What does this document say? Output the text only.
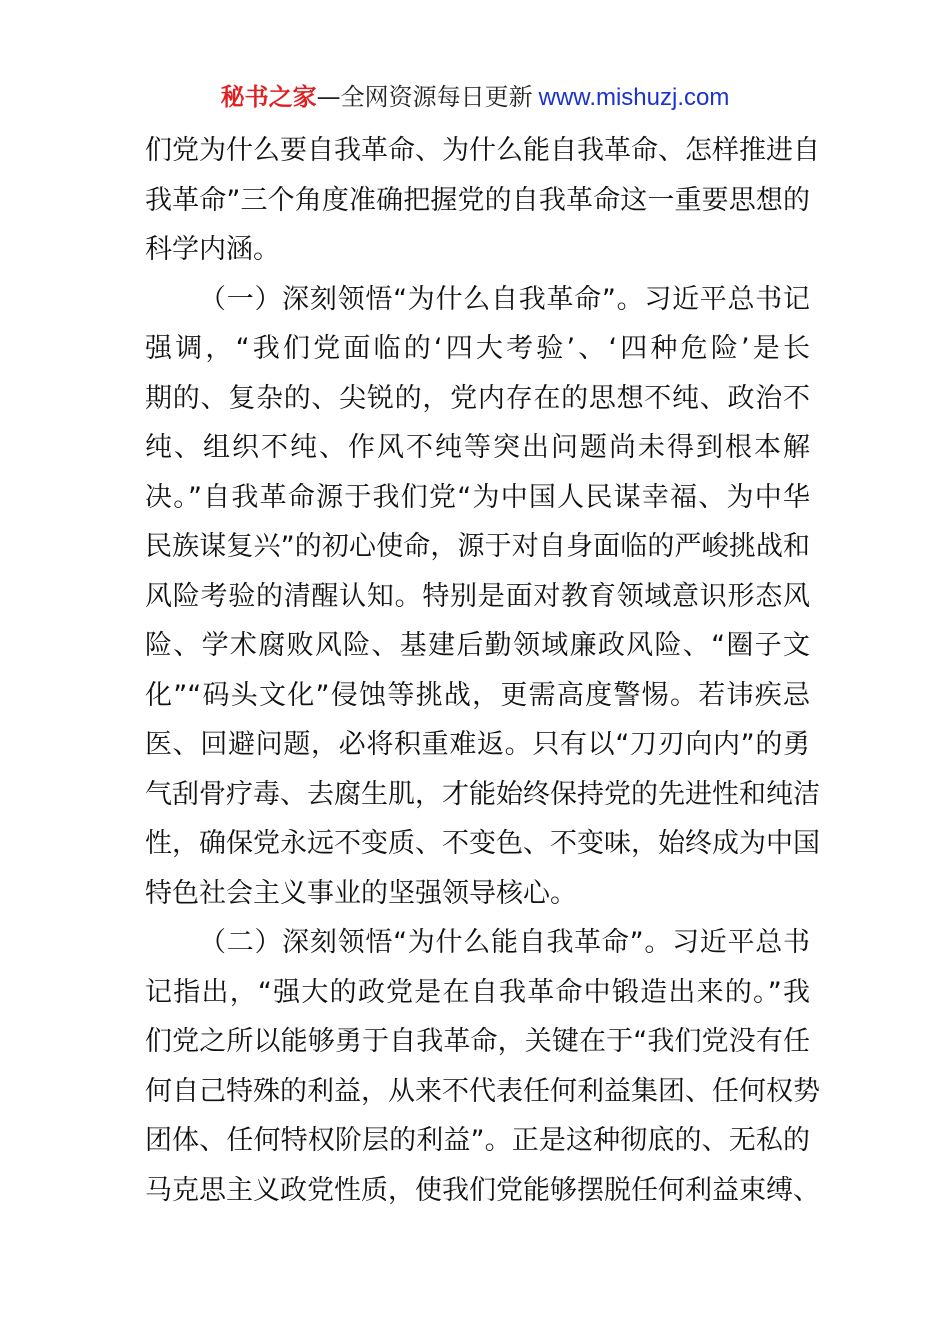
秘书之家—全网资源每日更新 www.mishuzj.com
们党为什么要自我革命、为什么能自我革命、怎样推进自
我革命”三个角度准确把握党的自我革命这一重要思想的
科学内涵。
（一）深刻领悟“为什么自我革命”。习近平总书记
强调，“我们党面临的‘四大考验’、‘四种危险’是长
期的、复杂的、尖锐的，党内存在的思想不纯、政治不
纯、组织不纯、作风不纯等突出问题尚未得到根本解
决。”自我革命源于我们党“为中国人民谋幸福、为中华
民族谋复兴”的初心使命，源于对自身面临的严峻挑战和
风险考验的清醒认知。特别是面对教育领域意识形态风
险、学术腐败风险、基建后勤领域廉政风险、“圈子文
化”“码头文化”侵蚀等挑战，更需高度警惕。若讳疾忌
医、回避问题，必将积重难返。只有以“刀刃向内”的勇
气刮骨疗毒、去腐生肌，才能始终保持党的先进性和纯洁
性，确保党永远不变质、不变色、不变味，始终成为中国
特色社会主义事业的坚强领导核心。
（二）深刻领悟“为什么能自我革命”。习近平总书
记指出，“强大的政党是在自我革命中锻造出来的。”我
们党之所以能够勇于自我革命，关键在于“我们党没有任
何自己特殊的利益，从来不代表任何利益集团、任何权势
团体、任何特权阶层的利益”。正是这种彻底的、无私的
马克思主义政党性质，使我们党能够摆脱任何利益束缚、
